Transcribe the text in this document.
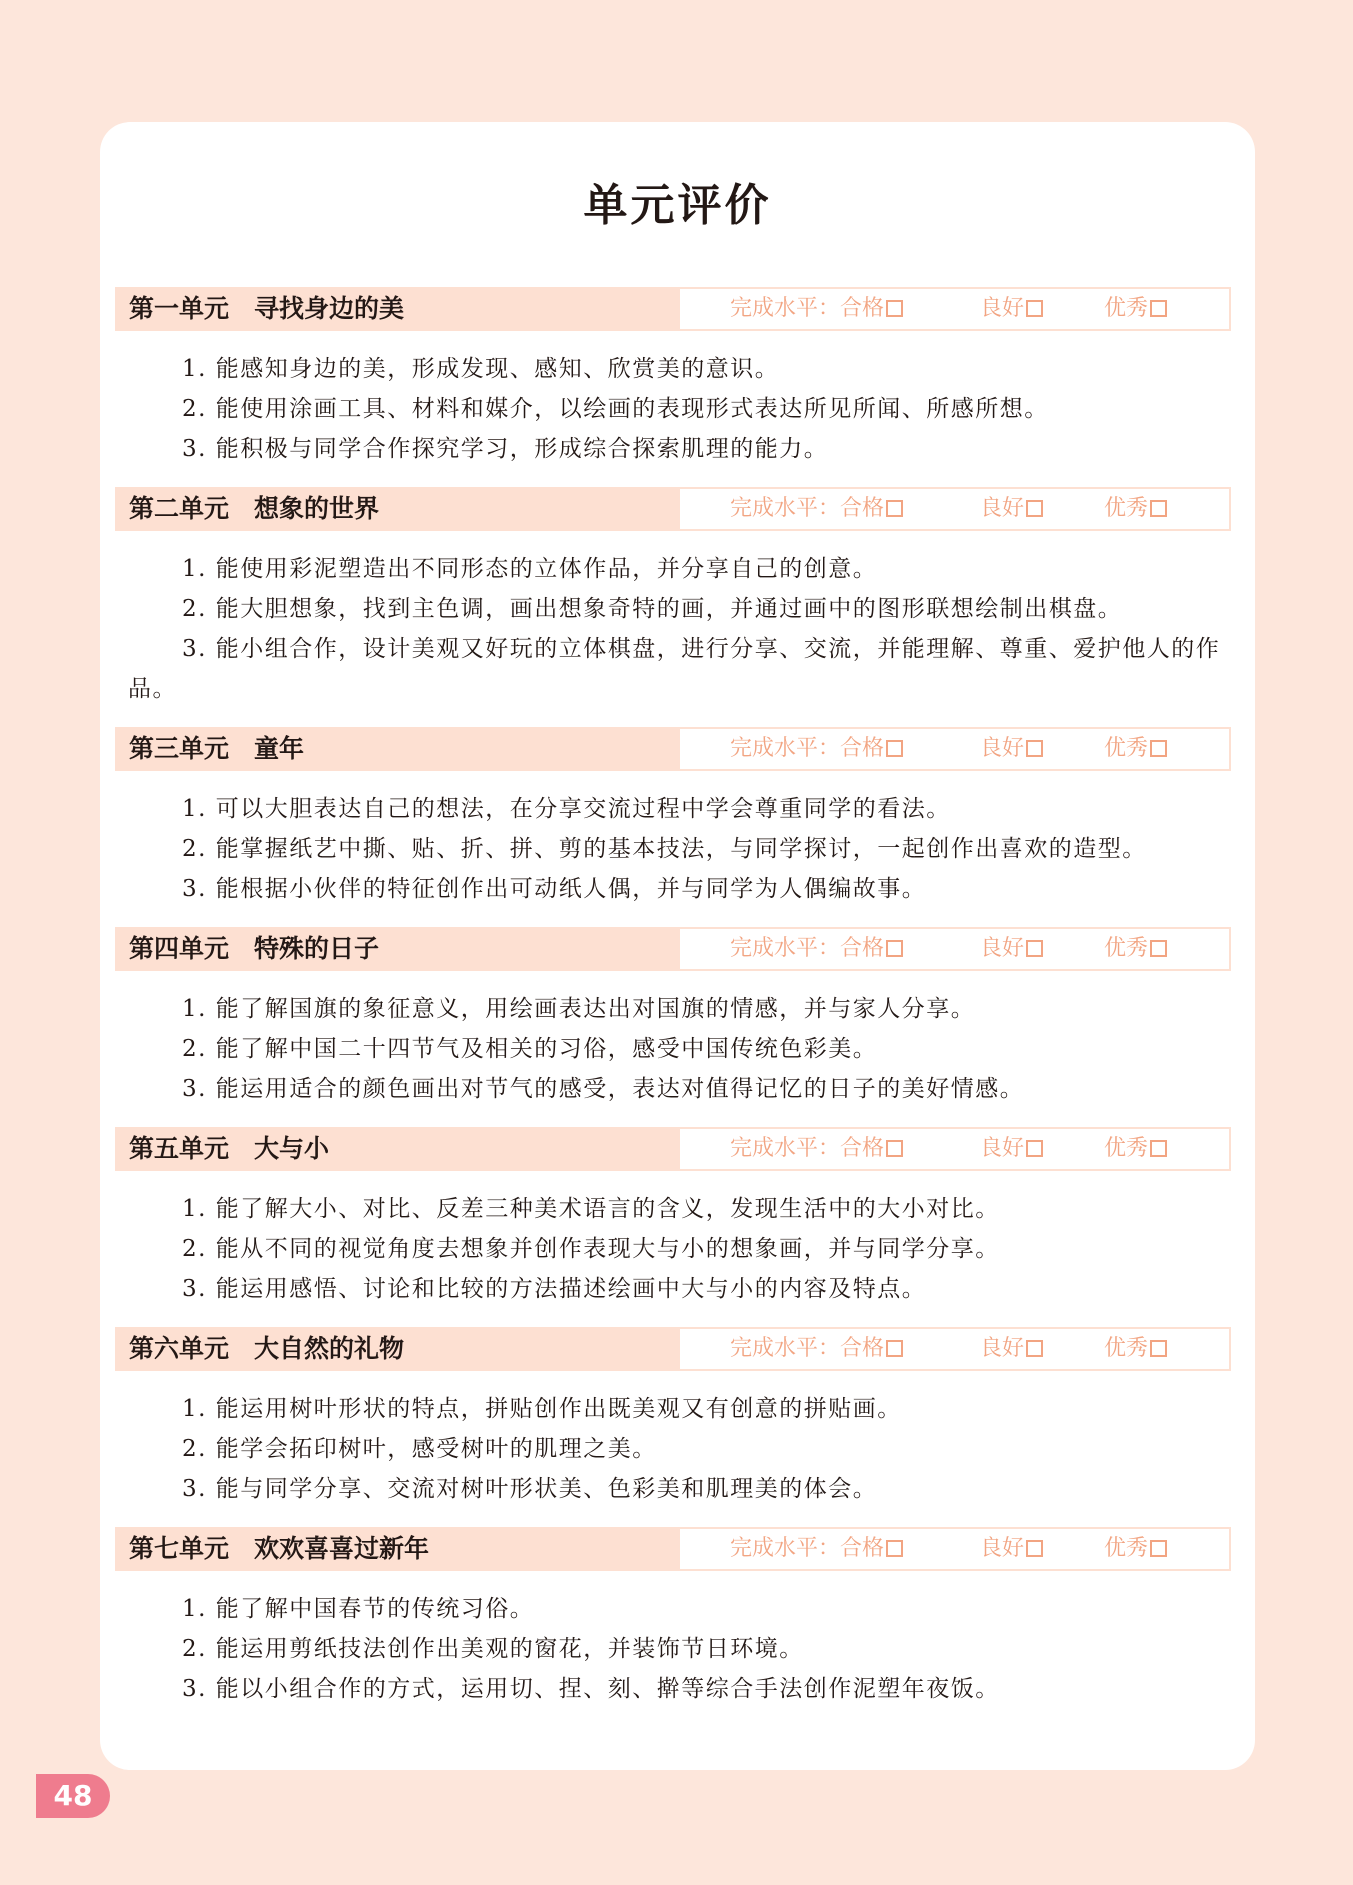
单元评价
第一单元　寻找身边的美	完成水平：合格	良好	优秀
1. 能感知身边的美，形成发现、感知、欣赏美的意识。
2. 能使用涂画工具、材料和媒介，以绘画的表现形式表达所见所闻、所感所想。
3. 能积极与同学合作探究学习，形成综合探索肌理的能力。
第二单元　想象的世界	完成水平：合格	良好	优秀
1. 能使用彩泥塑造出不同形态的立体作品，并分享自己的创意。
2. 能大胆想象，找到主色调，画出想象奇特的画，并通过画中的图形联想绘制出棋盘。
3. 能小组合作，设计美观又好玩的立体棋盘，进行分享、交流，并能理解、尊重、爱护他人的作品。
第三单元　童年	完成水平：合格	良好	优秀
1. 可以大胆表达自己的想法，在分享交流过程中学会尊重同学的看法。
2. 能掌握纸艺中撕、贴、折、拼、剪的基本技法，与同学探讨，一起创作出喜欢的造型。
3. 能根据小伙伴的特征创作出可动纸人偶，并与同学为人偶编故事。
第四单元　特殊的日子	完成水平：合格	良好	优秀
1. 能了解国旗的象征意义，用绘画表达出对国旗的情感，并与家人分享。
2. 能了解中国二十四节气及相关的习俗，感受中国传统色彩美。
3. 能运用适合的颜色画出对节气的感受，表达对值得记忆的日子的美好情感。
第五单元　大与小	完成水平：合格	良好	优秀
1. 能了解大小、对比、反差三种美术语言的含义，发现生活中的大小对比。
2. 能从不同的视觉角度去想象并创作表现大与小的想象画，并与同学分享。
3. 能运用感悟、讨论和比较的方法描述绘画中大与小的内容及特点。
第六单元　大自然的礼物	完成水平：合格	良好	优秀
1. 能运用树叶形状的特点，拼贴创作出既美观又有创意的拼贴画。
2. 能学会拓印树叶，感受树叶的肌理之美。
3. 能与同学分享、交流对树叶形状美、色彩美和肌理美的体会。
第七单元　欢欢喜喜过新年	完成水平：合格	良好	优秀
1. 能了解中国春节的传统习俗。
2. 能运用剪纸技法创作出美观的窗花，并装饰节日环境。
3. 能以小组合作的方式，运用切、捏、刻、擀等综合手法创作泥塑年夜饭。
48
